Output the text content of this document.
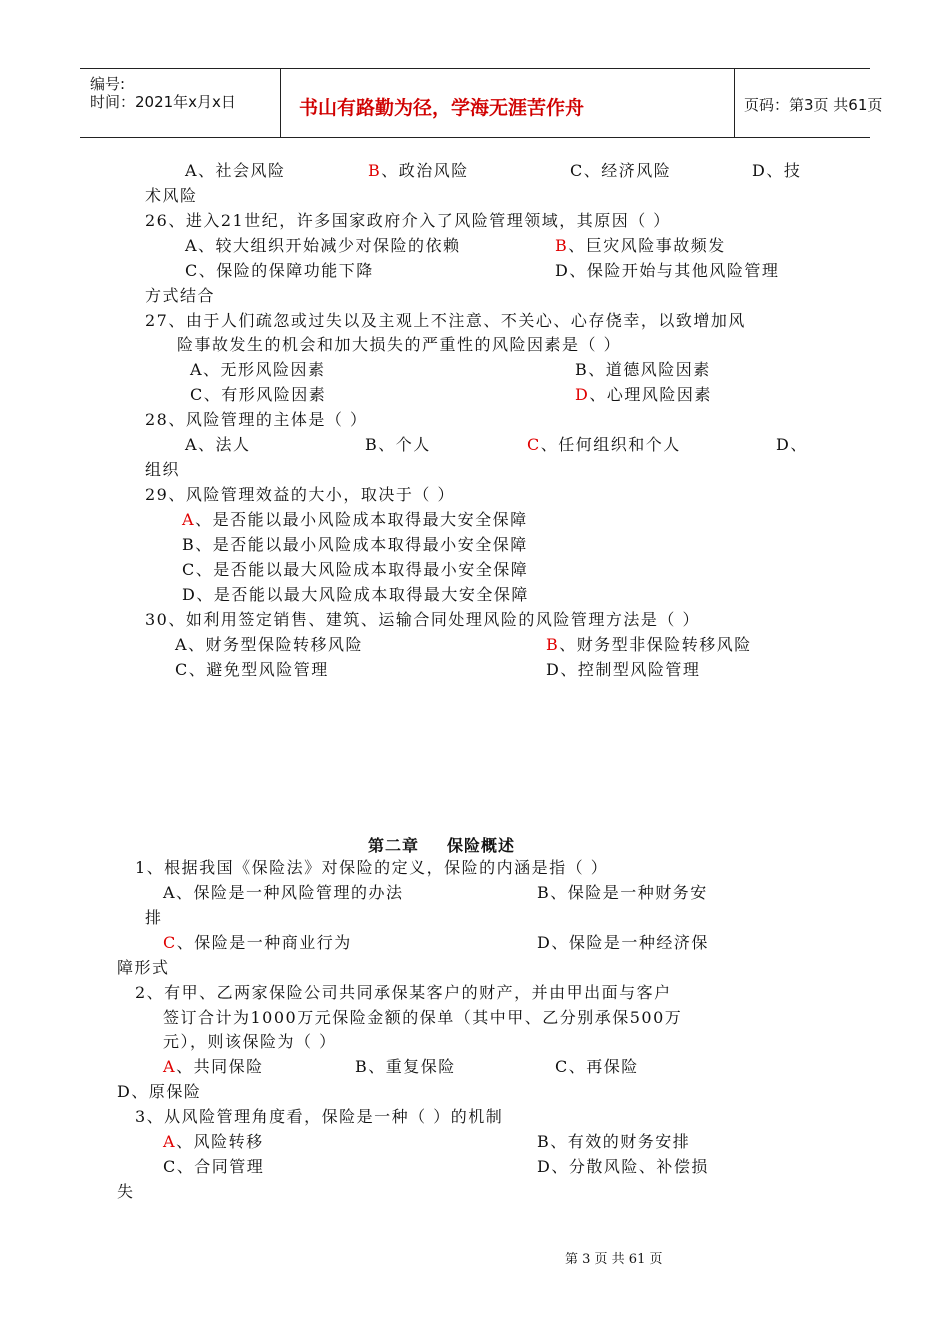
编号:
时间：2021年x月x日	书山有路勤为径，学海无涯苦作舟	页码：第3页 共61页
A、社会风险	B、政治风险	C、经济风险	D、技
术风险
26、进入21世纪，许多国家政府介入了风险管理领域，其原因（ ）
A、较大组织开始减少对保险的依赖	B、巨灾风险事故频发
C、保险的保障功能下降	D、保险开始与其他风险管理
方式结合
27、由于人们疏忽或过失以及主观上不注意、不关心、心存侥幸，以致增加风
险事故发生的机会和加大损失的严重性的风险因素是（ ）
A、无形风险因素	B、道德风险因素
C、有形风险因素	D、心理风险因素
28、风险管理的主体是（ ）
A、法人	B、个人	C、任何组织和个人	D、
组织
29、风险管理效益的大小，取决于（ ）
A、是否能以最小风险成本取得最大安全保障
B、是否能以最小风险成本取得最小安全保障
C、是否能以最大风险成本取得最小安全保障
D、是否能以最大风险成本取得最大安全保障
30、如利用签定销售、建筑、运输合同处理风险的风险管理方法是（ ）
A、财务型保险转移风险	B、财务型非保险转移风险
C、避免型风险管理	D、控制型风险管理
第二章 保险概述
1、根据我国《保险法》对保险的定义，保险的内涵是指（ ）
A、保险是一种风险管理的办法	B、保险是一种财务安
排
C、保险是一种商业行为	D、保险是一种经济保
障形式
2、有甲、乙两家保险公司共同承保某客户的财产，并由甲出面与客户
签订合计为1000万元保险金额的保单（其中甲、乙分别承保500万
元），则该保险为（ ）
A、共同保险	B、重复保险	C、再保险
D、原保险
3、从风险管理角度看，保险是一种（ ）的机制
A、风险转移	B、有效的财务安排
C、合同管理	D、分散风险、补偿损
失
第 3 页 共 61 页
